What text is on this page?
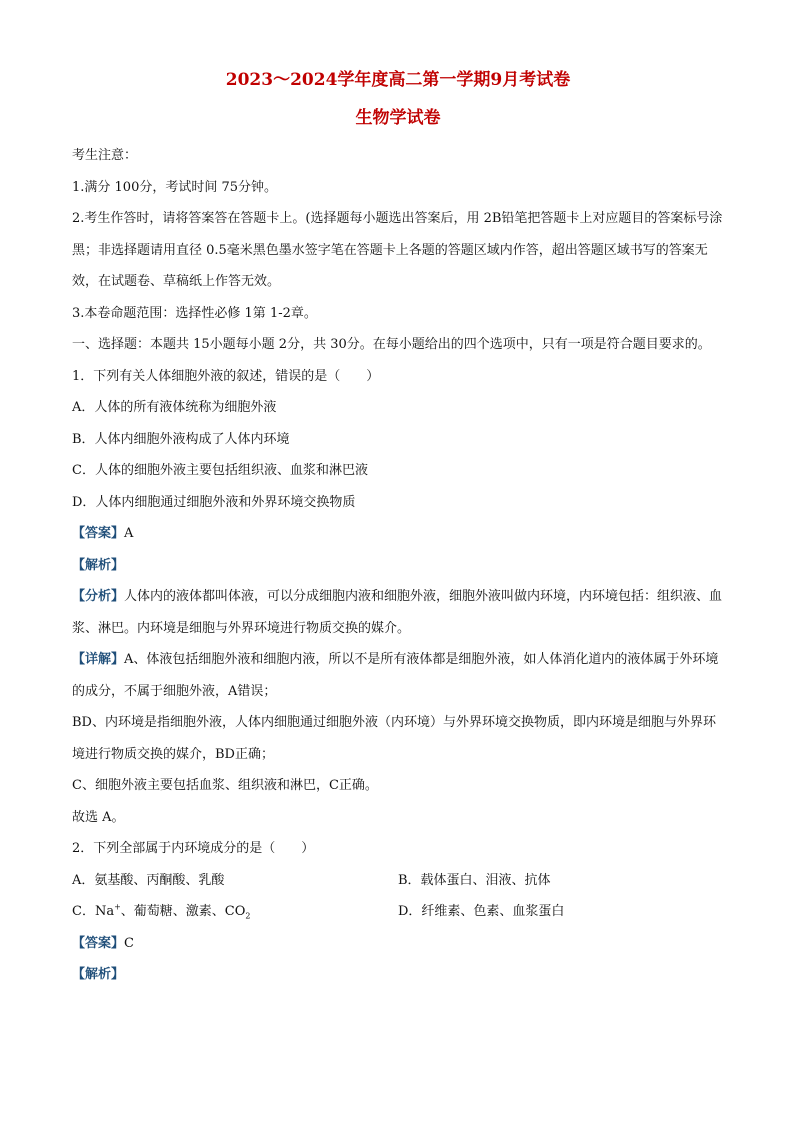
2023～2024学年度高二第一学期9月考试卷
生物学试卷

考生注意：

1.满分 100分，考试时间 75分钟。

2.考生作答时，请将答案答在答题卡上。(选择题每小题选出答案后，用 2B铅笔把答题卡上对应题目的答案标号涂黑；非选择题请用直径 0.5毫米黑色墨水签字笔在答题卡上各题的答题区域内作答，超出答题区域书写的答案无效，在试题卷、草稿纸上作答无效。

3.本卷命题范围：选择性必修 1第 1-2章。

一、选择题：本题共 15小题每小题 2分，共 30分。在每小题给出的四个选项中，只有一项是符合题目要求的。

1．下列有关人体细胞外液的叙述，错误的是（　　）

A．人体的所有液体统称为细胞外液

B．人体内细胞外液构成了人体内环境

C．人体的细胞外液主要包括组织液、血浆和淋巴液

D．人体内细胞通过细胞外液和外界环境交换物质

【答案】A

【解析】

【分析】人体内的液体都叫体液，可以分成细胞内液和细胞外液，细胞外液叫做内环境，内环境包括：组织液、血浆、淋巴。内环境是细胞与外界环境进行物质交换的媒介。

【详解】A、体液包括细胞外液和细胞内液，所以不是所有液体都是细胞外液，如人体消化道内的液体属于外环境的成分，不属于细胞外液，A错误；

BD、内环境是指细胞外液，人体内细胞通过细胞外液（内环境）与外界环境交换物质，即内环境是细胞与外界环境进行物质交换的媒介，BD正确；

C、细胞外液主要包括血浆、组织液和淋巴，C正确。

故选 A。

2．下列全部属于内环境成分的是（　　）

A．氨基酸、丙酮酸、乳酸	B．载体蛋白、泪液、抗体
C．Na+、葡萄糖、激素、$CO_2$	D．纤维素、色素、血浆蛋白

【答案】C

【解析】
